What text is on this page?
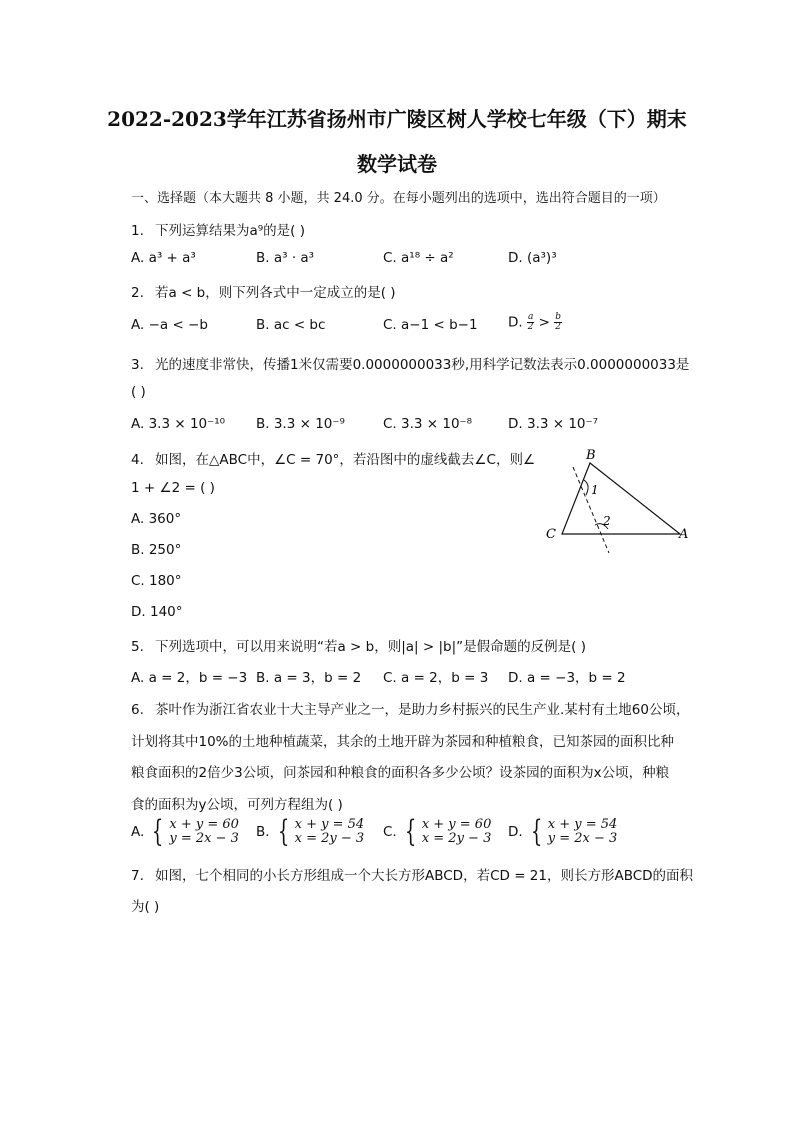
2022-2023学年江苏省扬州市广陵区树人学校七年级（下）期末
数学试卷
一、选择题（本大题共 8 小题，共 24.0 分。在每小题列出的选项中，选出符合题目的一项）
1. 下列运算结果为a⁹的是( )
A. a³ + a³	B. a³ · a³	C. a¹⁸ ÷ a²	D. (a³)³
2. 若a < b，则下列各式中一定成立的是( )
A. −a < −b	B. ac < bc	C. a−1 < b−1 D. $\frac{a}{2} > \frac{b}{2}$
3. 光的速度非常快，传播1米仅需要0.0000000033秒,用科学记数法表示0.0000000033是
( )
A. 3.3 × 10⁻¹⁰ B. 3.3 × 10⁻⁹	C. 3.3 × 10⁻⁸	D. 3.3 × 10⁻⁷
4. 如图，在△ABC中，∠C = 70°，若沿图中的虚线截去∠C，则∠
1 + ∠2 = ( )
A. 360°
B. 250°
C. 180°
D. 140°
B
C	A
1
2
5. 下列选项中，可以用来说明“若a > b，则|a| > |b|”是假命题的反例是( )
A. a = 2，b = −3 B. a = 3，b = 2 C. a = 2，b = 3 D. a = −3，b = 2
6. 茶叶作为浙江省农业十大主导产业之一，是助力乡村振兴的民生产业.某村有土地60公顷，
计划将其中10%的土地种植蔬菜，其余的土地开辟为茶园和种植粮食，已知茶园的面积比种
粮食面积的2倍少3公顷，问茶园和种粮食的面积各多少公顷？设茶园的面积为x公顷，种粮
食的面积为y公顷，可列方程组为( )
A. { x + y = 60
y = 2x − 3 B. { x + y = 54
x = 2y − 3 C. { x + y = 60
x = 2y − 3 D. { x + y = 54
y = 2x − 3
7. 如图，七个相同的小长方形组成一个大长方形ABCD，若CD = 21，则长方形ABCD的面积
为( )
